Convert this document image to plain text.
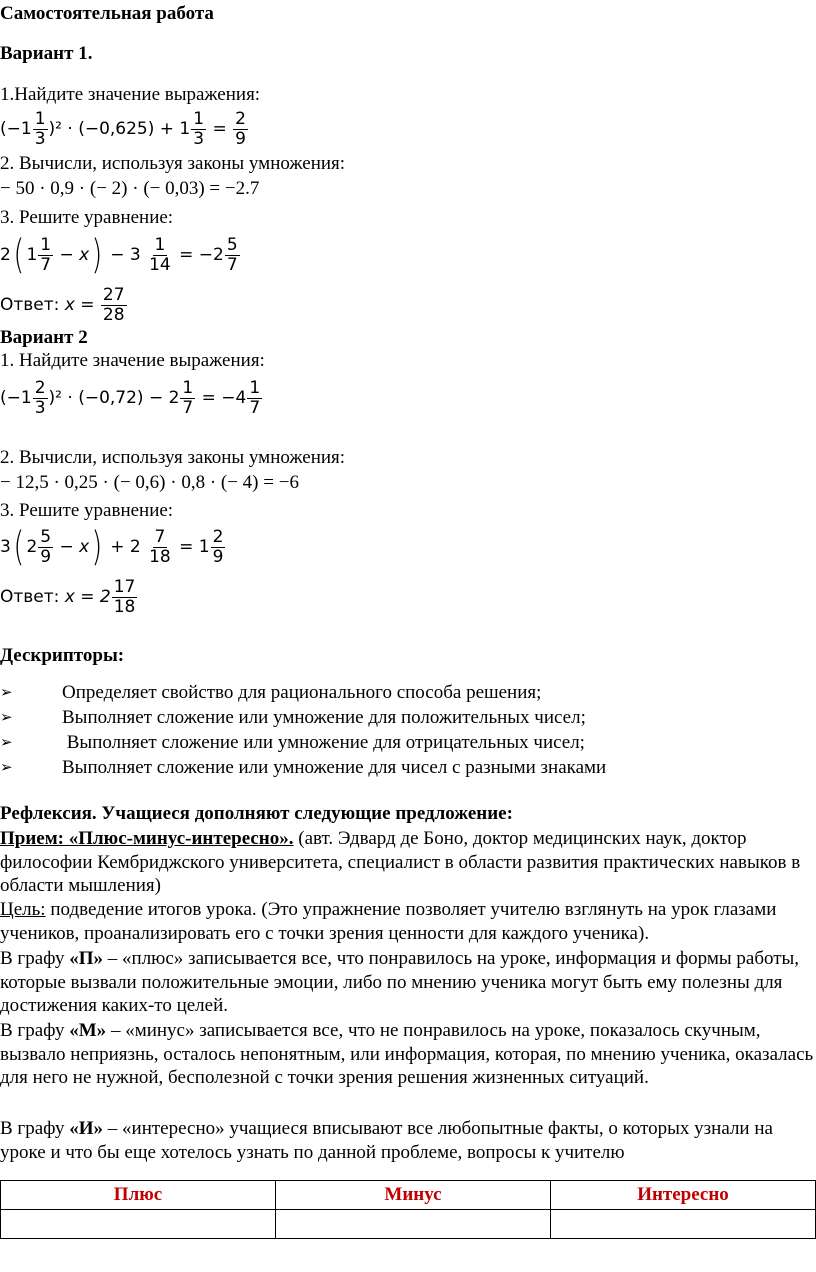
Самостоятельная работа
Вариант 1.
1.Найдите значение выражения:
$(-1 \frac{1}{3} )^2 \cdot (-0,625) + 1 \frac{1}{3} = \frac{2}{9}$
2. Вычисли, используя законы умножения:
− 50 · 0,9 · (− 2) · (− 0,03) = −2.7
3. Решите уравнение:
2 ( $1 \frac{1}{7} - x$ ) − 3
$\frac{1}{14} = -2 \frac{5}{7}$
Ответ: $x = \frac{27}{28}$
Вариант 2
1. Найдите значение выражения:
$(-1 \frac{2}{3} )^2 \cdot (-0,72) - 2 \frac{1}{7} = -4 \frac{1}{7}$
2. Вычисли, используя законы умножения:
− 12,5 · 0,25 · (− 0,6) · 0,8 · (− 4) = −6
3. Решите уравнение:
3 ( $2 \frac{5}{9} - x$ ) + 2
$\frac{7}{18} = 1 \frac{2}{9}$
Ответ: $x = 2 \frac{17}{18}$
Дескрипторы:
➢	Определяет свойство для рационального способа решения;
➢	Выполняет сложение или умножение для положительных чисел;
➢	Выполняет сложение или умножение для отрицательных чисел;
➢	Выполняет сложение или умножение для чисел с разными знаками
Рефлексия. Учащиеся дополняют следующие предложение:
Прием: «Плюс-минус-интересно». (авт. Эдвард де Боно, доктор медицинских наук, доктор философии Кембриджского университета, специалист в области развития практических навыков в области мышления)
Цель: подведение итогов урока. (Это упражнение позволяет учителю взглянуть на урок глазами учеников, проанализировать его с точки зрения ценности для каждого ученика).
В графу «П» – «плюс» записывается все, что понравилось на уроке, информация и формы работы, которые вызвали положительные эмоции, либо по мнению ученика могут быть ему полезны для достижения каких-то целей.
В графу «М» – «минус» записывается все, что не понравилось на уроке, показалось скучным, вызвало неприязнь, осталось непонятным, или информация, которая, по мнению ученика, оказалась для него не нужной, бесполезной с точки зрения решения жизненных ситуаций.
В графу «И» – «интересно» учащиеся вписывают все любопытные факты, о которых узнали на уроке и что бы еще хотелось узнать по данной проблеме, вопросы к учителю
Плюс	Минус	Интересно
